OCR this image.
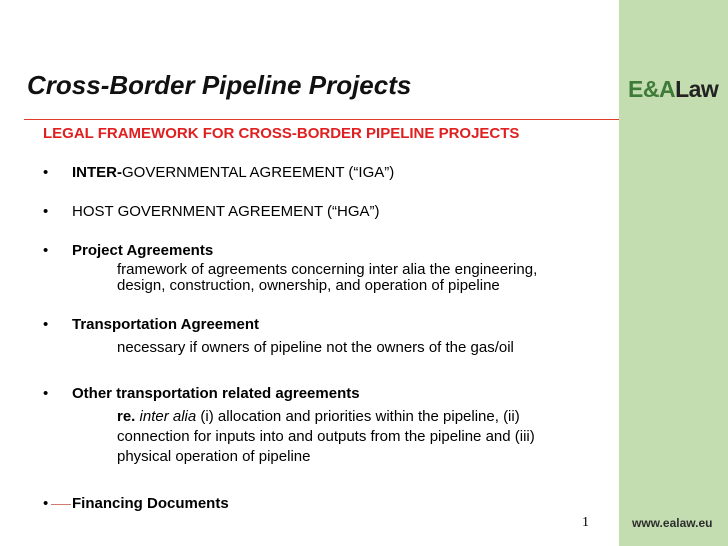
E&ALaw
www.ealaw.eu
Cross-Border Pipeline Projects
LEGAL FRAMEWORK FOR CROSS-BORDER PIPELINE PROJECTS
• INTER-GOVERNMENTAL AGREEMENT (“IGA”)
• HOST GOVERNMENT AGREEMENT (“HGA”)
• Project Agreements
framework of agreements concerning inter alia the engineering,
design, construction, ownership, and operation of pipeline
• Transportation Agreement
necessary if owners of pipeline not the owners of the gas/oil
• Other transportation related agreements
re. inter alia (i) allocation and priorities within the pipeline, (ii)
connection for inputs into and outputs from the pipeline and (iii)
physical operation of pipeline
• Financing Documents
1
